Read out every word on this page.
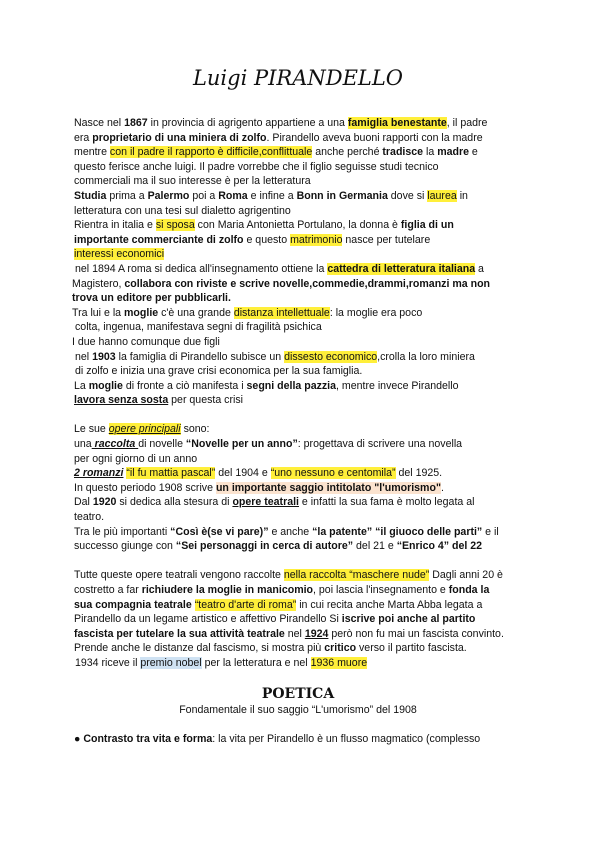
Luigi PIRANDELLO
Nasce nel 1867 in provincia di agrigento appartiene a una famiglia benestante, il padre
era proprietario di una miniera di zolfo. Pirandello aveva buoni rapporti con la madre
mentre con il padre il rapporto è difficile,conflittuale anche perché tradisce la madre e
questo ferisce anche luigi. Il padre vorrebbe che il figlio seguisse studi tecnico
commerciali ma il suo interesse è per la letteratura
Studia prima a Palermo poi a Roma e infine a Bonn in Germania dove si laurea in
letteratura con una tesi sul dialetto agrigentino
Rientra in italia e si sposa con Maria Antonietta Portulano, la donna è figlia di un
importante commerciante di zolfo e questo matrimonio nasce per tutelare
interessi economici
nel 1894 A roma si dedica all'insegnamento ottiene la cattedra di letteratura italiana a
Magistero, collabora con riviste e scrive novelle,commedie,drammi,romanzi ma non
trova un editore per pubblicarli.
Tra lui e la moglie c'è una grande distanza intellettuale: la moglie era poco
colta, ingenua, manifestava segni di fragilità psichica
I due hanno comunque due figli
nel 1903 la famiglia di Pirandello subisce un dissesto economico,crolla la loro miniera
di zolfo e inizia una grave crisi economica per la sua famiglia.
La moglie di fronte a ciò manifesta i segni della pazzia, mentre invece Pirandello
lavora senza sosta per questa crisi
Le sue opere principali sono:
una raccolta di novelle “Novelle per un anno”: progettava di scrivere una novella
per ogni giorno di un anno
2 romanzi “il fu mattia pascal” del 1904 e “uno nessuno e centomila” del 1925.
In questo periodo 1908 scrive un importante saggio intitolato "l'umorismo".
Dal 1920 si dedica alla stesura di opere teatrali e infatti la sua fama è molto legata al
teatro.
Tra le più importanti “Così è(se vi pare)” e anche “la patente” “il giuoco delle parti” e il
successo giunge con “Sei personaggi in cerca di autore” del 21 e “Enrico 4” del 22
Tutte queste opere teatrali vengono raccolte nella raccolta “maschere nude” Dagli anni 20 è
costretto a far richiudere la moglie in manicomio, poi lascia l'insegnamento e fonda la
sua compagnia teatrale “teatro d'arte di roma” in cui recita anche Marta Abba legata a
Pirandello da un legame artistico e affettivo Pirandello Si iscrive poi anche al partito
fascista per tutelare la sua attività teatrale nel 1924 però non fu mai un fascista convinto.
Prende anche le distanze dal fascismo, si mostra più critico verso il partito fascista.
1934 riceve il premio nobel per la letteratura e nel 1936 muore
POETICA
Fondamentale il suo saggio “L'umorismo” del 1908
● Contrasto tra vita e forma: la vita per Pirandello è un flusso magmatico (complesso
